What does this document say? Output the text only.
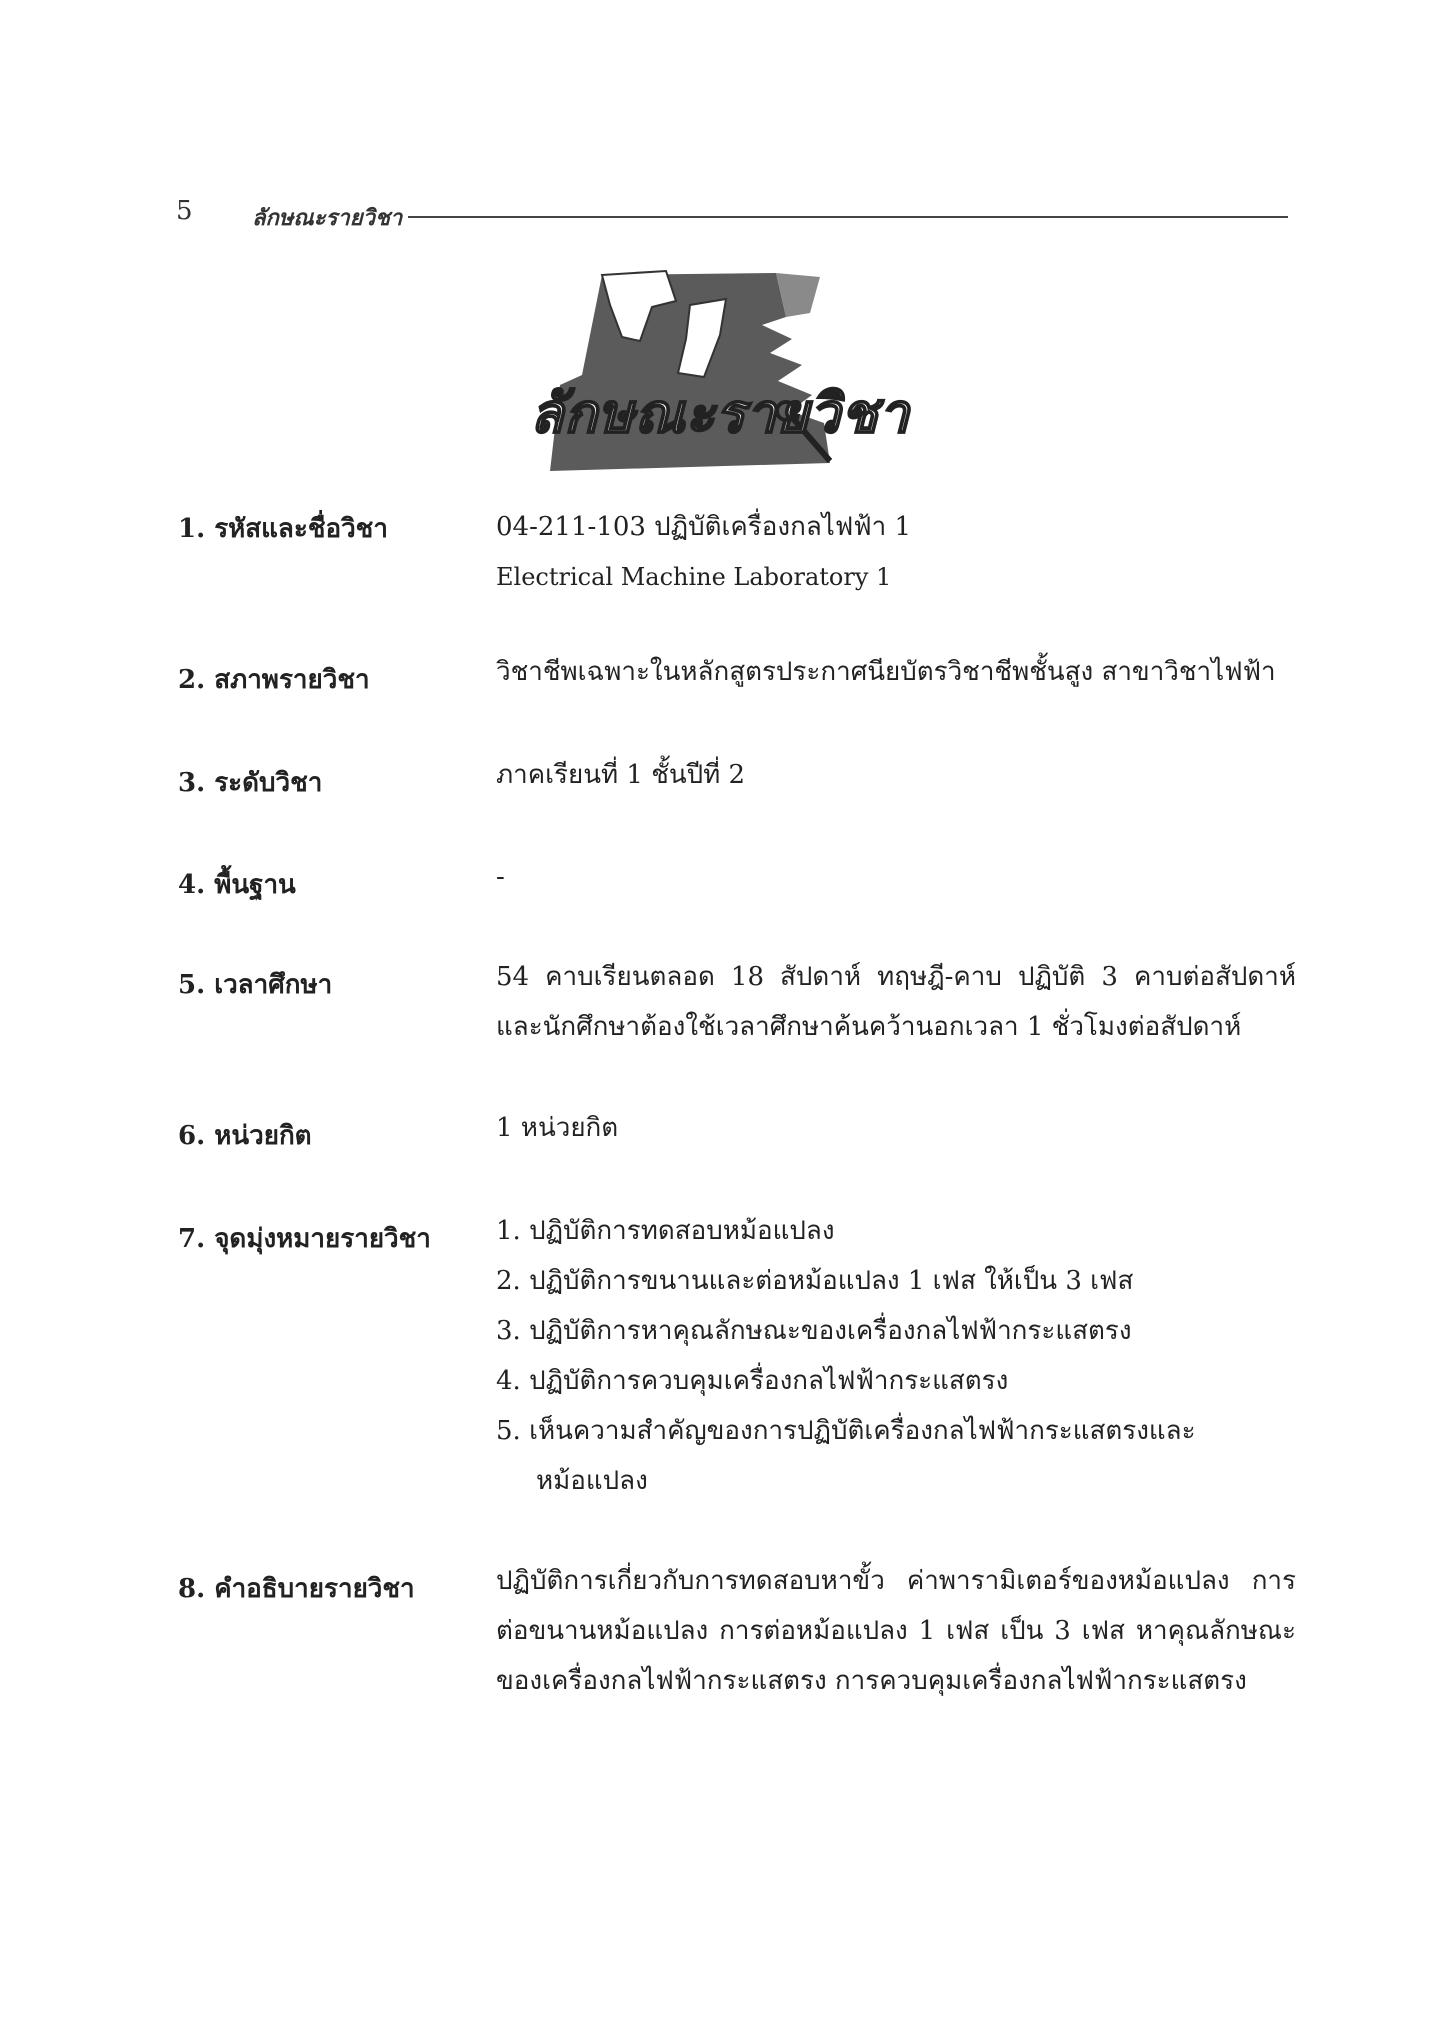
5	ลักษณะรายวิชา
ลักษณะรายวิชา
1. รหัสและชื่อวิชา	04-211-103 ปฏิบัติเครื่องกลไฟฟ้า 1

Electrical Machine Laboratory 1

2. สภาพรายวิชา	วิชาชีพเฉพาะในหลักสูตรประกาศนียบัตรวิชาชีพชั้นสูง สาขาวิชาไฟฟ้า
3. ระดับวิชา	ภาคเรียนที่ 1 ชั้นปีที่ 2
4. พื้นฐาน	-
5. เวลาศึกษา	54 คาบเรียนตลอด 18 สัปดาห์ ทฤษฎี-คาบ ปฏิบัติ 3 คาบต่อสัปดาห์ และนักศึกษาต้องใช้เวลาศึกษาค้นคว้านอกเวลา 1 ชั่วโมงต่อสัปดาห์

6. หน่วยกิต	1 หน่วยกิต
7. จุดมุ่งหมายรายวิชา	1. ปฏิบัติการทดสอบหม้อแปลง
2. ปฏิบัติการขนานและต่อหม้อแปลง 1 เฟส ให้เป็น 3 เฟส
3. ปฏิบัติการหาคุณลักษณะของเครื่องกลไฟฟ้ากระแสตรง
4. ปฏิบัติการควบคุมเครื่องกลไฟฟ้ากระแสตรง
5. เห็นความสำคัญของการปฏิบัติเครื่องกลไฟฟ้ากระแสตรงและหม้อแปลง
8. คำอธิบายรายวิชา	ปฏิบัติการเกี่ยวกับการทดสอบหาขั้ว ค่าพารามิเตอร์ของหม้อแปลง การต่อขนานหม้อแปลง การต่อหม้อแปลง 1 เฟส เป็น 3 เฟส หาคุณลักษณะของเครื่องกลไฟฟ้ากระแสตรง การควบคุมเครื่องกลไฟฟ้ากระแสตรง
